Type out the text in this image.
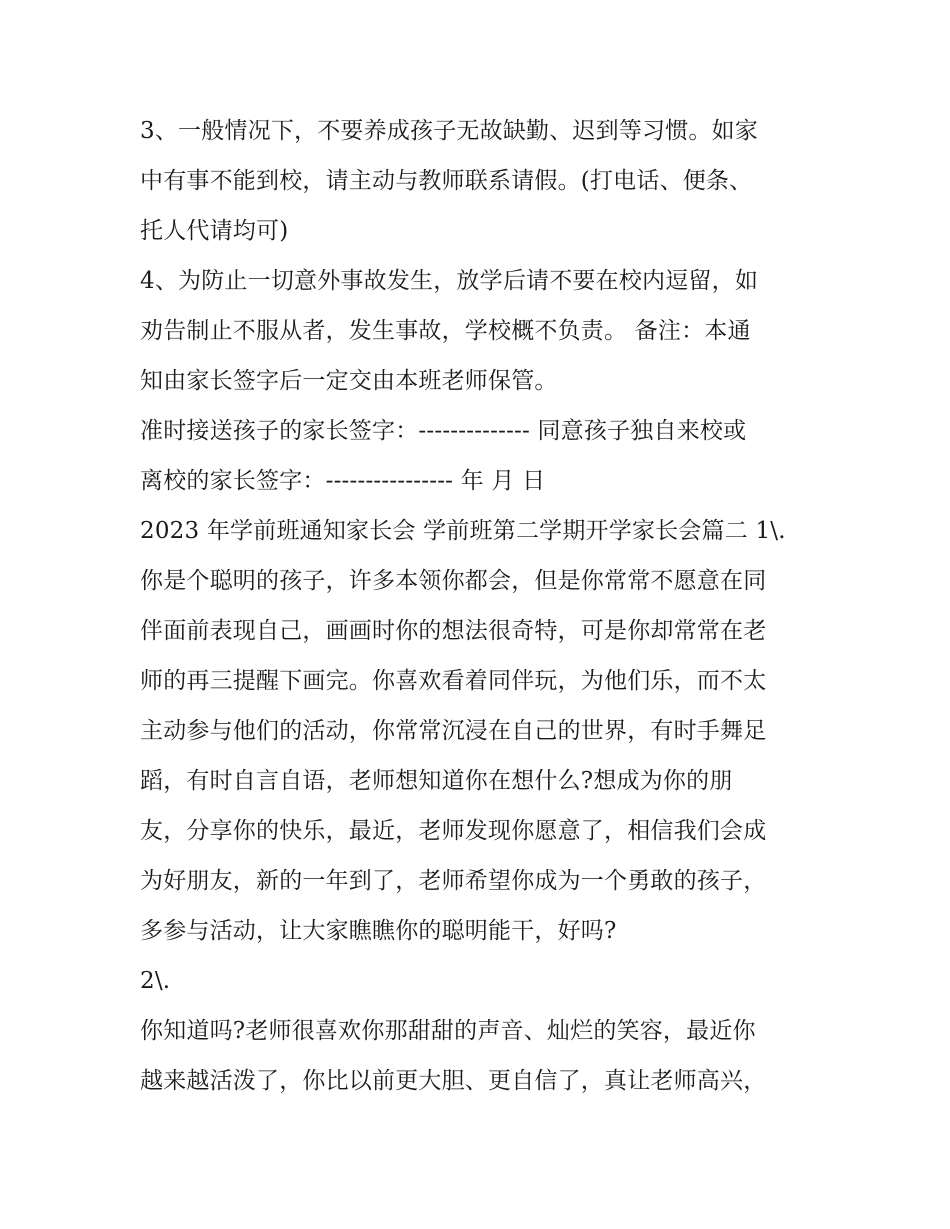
3、一般情况下，不要养成孩子无故缺勤、迟到等习惯。如家
中有事不能到校，请主动与教师联系请假。(打电话、便条、
托人代请均可)
4、为防止一切意外事故发生，放学后请不要在校内逗留，如
劝告制止不服从者，发生事故，学校概不负责。 备注：本通
知由家长签字后一定交由本班老师保管。
准时接送孩子的家长签字：-------------- 同意孩子独自来校或
离校的家长签字：---------------- 年 月 日
2023 年学前班通知家长会 学前班第二学期开学家长会篇二 1\.
你是个聪明的孩子，许多本领你都会，但是你常常不愿意在同
伴面前表现自己，画画时你的想法很奇特，可是你却常常在老
师的再三提醒下画完。你喜欢看着同伴玩，为他们乐，而不太
主动参与他们的活动，你常常沉浸在自己的世界，有时手舞足
蹈，有时自言自语，老师想知道你在想什么?想成为你的朋
友，分享你的快乐，最近，老师发现你愿意了，相信我们会成
为好朋友，新的一年到了，老师希望你成为一个勇敢的孩子，
多参与活动，让大家瞧瞧你的聪明能干，好吗?
2\.
你知道吗?老师很喜欢你那甜甜的声音、灿烂的笑容，最近你
越来越活泼了，你比以前更大胆、更自信了，真让老师高兴，
